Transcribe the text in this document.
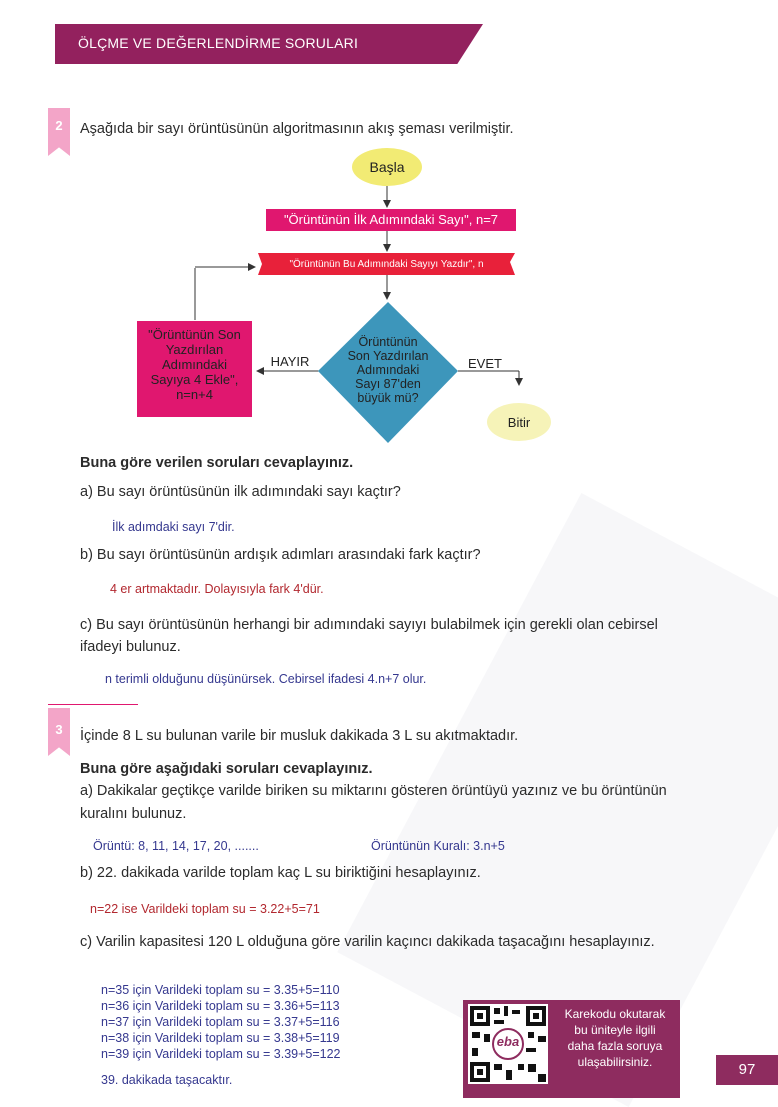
ÖLÇME VE DEĞERLENDİRME SORULARI
2	Aşağıda bir sayı örüntüsünün algoritmasının akış şeması verilmiştir.
Başla
"Örüntünün İlk Adımındaki Sayı", n=7
"Örüntünün Bu Adımındaki Sayıyı Yazdır", n
"Örüntünün Son
Yazdırılan
Adımındaki
Sayıya 4 Ekle",
n=n+4
Örüntünün
Son Yazdırılan
Adımındaki
Sayı 87'den
büyük mü?
HAYIR	EVET
Bitir
Buna göre verilen soruları cevaplayınız.
a) Bu sayı örüntüsünün ilk adımındaki sayı kaçtır?
İlk adımdaki sayı 7'dir.
b) Bu sayı örüntüsünün ardışık adımları arasındaki fark kaçtır?
4 er artmaktadır. Dolayısıyla fark 4'dür.
c) Bu sayı örüntüsünün herhangi bir adımındaki sayıyı bulabilmek için gerekli olan cebirsel
ifadeyi bulunuz.
n terimli olduğunu düşünürsek. Cebirsel ifadesi 4.n+7 olur.
3	İçinde 8 L su bulunan varile bir musluk dakikada 3 L su akıtmaktadır.
Buna göre aşağıdaki soruları cevaplayınız.
a) Dakikalar geçtikçe varilde biriken su miktarını gösteren örüntüyü yazınız ve bu örüntünün
kuralını bulunuz.
Örüntü: 8, 11, 14, 17, 20, .......	Örüntünün Kuralı: 3.n+5
b) 22. dakikada varilde toplam kaç L su biriktiğini hesaplayınız.
n=22 ise Varildeki toplam su = 3.22+5=71
c) Varilin kapasitesi 120 L olduğuna göre varilin kaçıncı dakikada taşacağını hesaplayınız.
n=35 için Varildeki toplam su = 3.35+5=110
n=36 için Varildeki toplam su = 3.36+5=113
n=37 için Varildeki toplam su = 3.37+5=116
n=38 için Varildeki toplam su = 3.38+5=119
n=39 için Varildeki toplam su = 3.39+5=122
39. dakikada taşacaktır.
eba
Karekodu okutarak
bu üniteyle ilgili
daha fazla soruya
ulaşabilirsiniz.	97
